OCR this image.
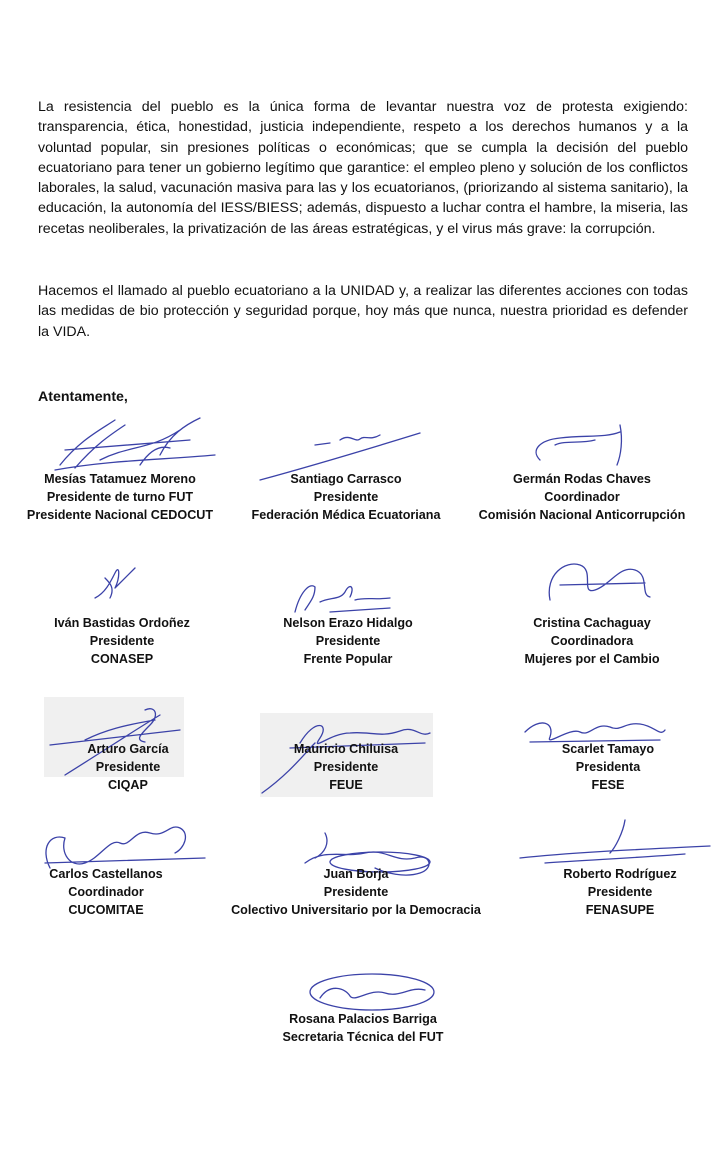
La resistencia del pueblo es la única forma de levantar nuestra voz de protesta exigiendo: transparencia, ética, honestidad, justicia independiente, respeto a los derechos humanos y a la voluntad popular, sin presiones políticas o económicas; que se cumpla la decisión del pueblo ecuatoriano para tener un gobierno legítimo que garantice: el empleo pleno y solución de los conflictos laborales, la salud, vacunación masiva para las y los ecuatorianos, (priorizando al sistema sanitario), la educación, la autonomía del IESS/BIESS; además, dispuesto a luchar contra el hambre, la miseria, las recetas neoliberales, la privatización de las áreas estratégicas, y el virus más grave: la corrupción.

Hacemos el llamado al pueblo ecuatoriano a la UNIDAD y, a realizar las diferentes acciones con todas las medidas de bio protección y seguridad porque, hoy más que nunca, nuestra prioridad es defender la VIDA.

Atentamente,

Mesías Tatamuez Moreno
Presidente de turno FUT
Presidente Nacional CEDOCUT
Santiago Carrasco
Presidente
Federación Médica Ecuatoriana
Germán Rodas Chaves
Coordinador
Comisión Nacional Anticorrupción
Iván Bastidas Ordoñez
Presidente
CONASEP
Nelson Erazo Hidalgo
Presidente
Frente Popular
Cristina Cachaguay
Coordinadora
Mujeres por el Cambio
Arturo García
Presidente
CIQAP
Mauricio Chiluisa
Presidente
FEUE
Scarlet Tamayo
Presidenta
FESE
Carlos Castellanos
Coordinador
CUCOMITAE
Juan Borja
Presidente
Colectivo Universitario por la Democracia
Roberto Rodríguez
Presidente
FENASUPE
Rosana Palacios Barriga
Secretaria Técnica del FUT
